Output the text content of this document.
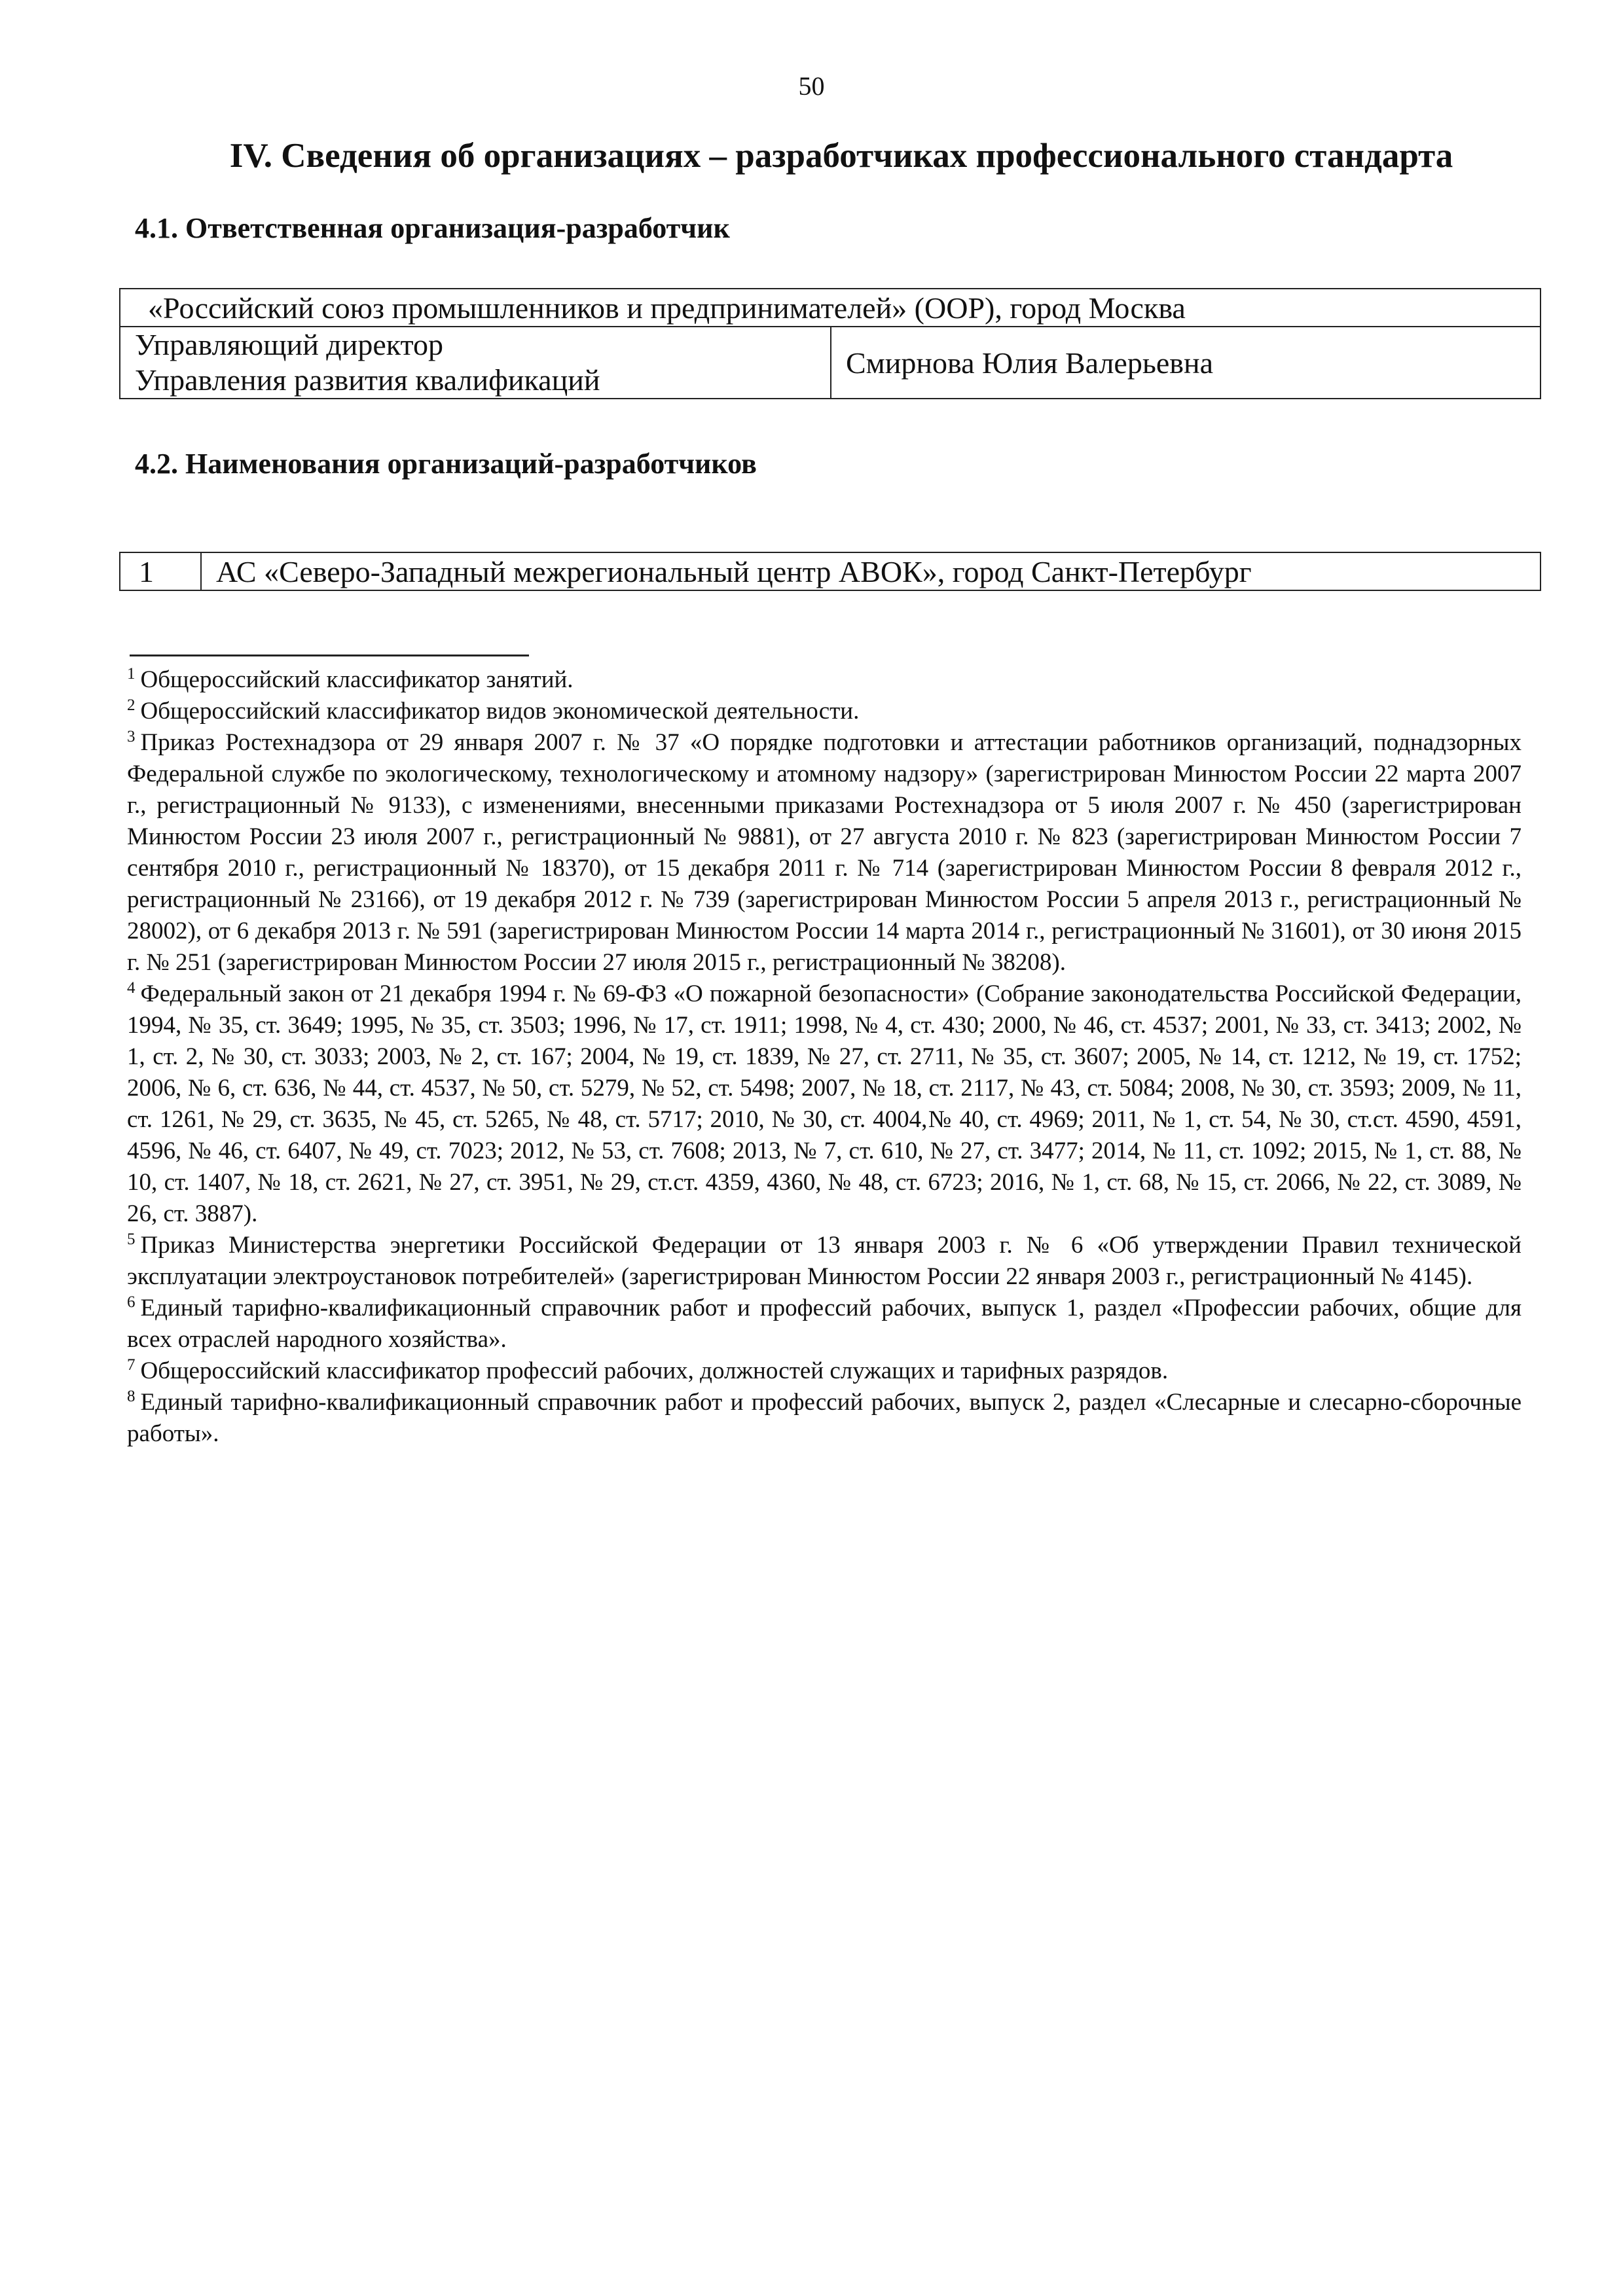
50
IV. Сведения об организациях – разработчиках профессионального стандарта
4.1. Ответственная организация-разработчик
«Российский союз промышленников и предпринимателей» (ООР), город Москва

Управляющий директор
Управления развития квалификаций
	Смирнова Юлия Валерьевна
4.2. Наименования организаций-разработчиков
1	АС «Северо-Западный межрегиональный центр АВОК», город Санкт-Петербург

$^1$ Общероссийский классификатор занятий.

$^2$ Общероссийский классификатор видов экономической деятельности.

$^3$ Приказ Ростехнадзора от 29 января 2007 г. № 37 «О порядке подготовки и аттестации работников организаций, поднадзорных Федеральной службе по экологическому, технологическому и атомному надзору» (зарегистрирован Минюстом России 22 марта 2007 г., регистрационный № 9133), с изменениями, внесенными приказами Ростехнадзора от 5 июля 2007 г. № 450 (зарегистрирован Минюстом России 23 июля 2007 г., регистрационный № 9881), от 27 августа 2010 г. № 823 (зарегистрирован Минюстом России 7 сентября 2010 г., регистрационный № 18370), от 15 декабря 2011 г. № 714 (зарегистрирован Минюстом России 8 февраля 2012 г., регистрационный № 23166), от 19 декабря 2012 г. № 739 (зарегистрирован Минюстом России 5 апреля 2013 г., регистрационный № 28002), от 6 декабря 2013 г. № 591 (зарегистрирован Минюстом России 14 марта 2014 г., регистрационный № 31601), от 30 июня 2015 г. № 251 (зарегистрирован Минюстом России 27 июля 2015 г., регистрационный № 38208).

$^4$ Федеральный закон от 21 декабря 1994 г. № 69-ФЗ «О пожарной безопасности» (Собрание законодательства Российской Федерации, 1994, № 35, ст. 3649; 1995, № 35, ст. 3503; 1996, № 17, ст. 1911; 1998, № 4, ст. 430; 2000, № 46, ст. 4537; 2001, № 33, ст. 3413; 2002, № 1, ст. 2, № 30, ст. 3033; 2003, № 2, ст. 167; 2004, № 19, ст. 1839, № 27, ст. 2711, № 35, ст. 3607; 2005, № 14, ст. 1212, № 19, ст. 1752; 2006, № 6, ст. 636, № 44, ст. 4537, № 50, ст. 5279, № 52, ст. 5498; 2007, № 18, ст. 2117, № 43, ст. 5084; 2008, № 30, ст. 3593; 2009, № 11, ст. 1261, № 29, ст. 3635, № 45, ст. 5265, № 48, ст. 5717; 2010, № 30, ст. 4004,№ 40, ст. 4969; 2011, № 1, ст. 54, № 30, ст.ст. 4590, 4591, 4596, № 46, ст. 6407, № 49, ст. 7023; 2012, № 53, ст. 7608; 2013, № 7, ст. 610, № 27, ст. 3477; 2014, № 11, ст. 1092; 2015, № 1, ст. 88, № 10, ст. 1407, № 18, ст. 2621, № 27, ст. 3951, № 29, ст.ст. 4359, 4360, № 48, ст. 6723; 2016, № 1, ст. 68, № 15, ст. 2066, № 22, ст. 3089, № 26, ст. 3887).

$^5$ Приказ Министерства энергетики Российской Федерации от 13 января 2003 г. № 6 «Об утверждении Правил технической эксплуатации электроустановок потребителей» (зарегистрирован Минюстом России 22 января 2003 г., регистрационный № 4145).

$^6$ Единый тарифно-квалификационный справочник работ и профессий рабочих, выпуск 1, раздел «Профессии рабочих, общие для всех отраслей народного хозяйства».

$^7$ Общероссийский классификатор профессий рабочих, должностей служащих и тарифных разрядов.

$^8$ Единый тарифно-квалификационный справочник работ и профессий рабочих, выпуск 2, раздел «Слесарные и слесарно-сборочные работы».
